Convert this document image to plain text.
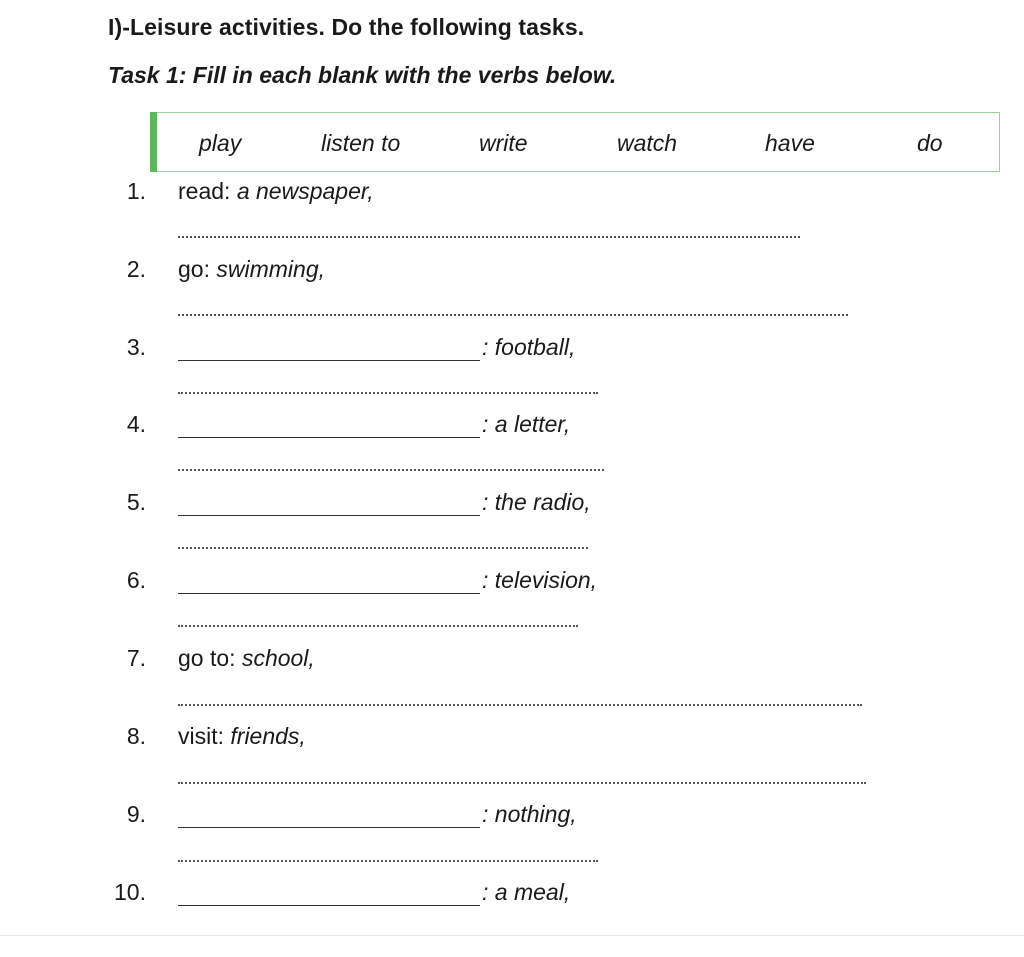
I)-Leisure activities. Do the following tasks.
Task 1: Fill in each blank with the verbs below.
play	listen to	write	watch	have	do
1. read: a newspaper,
2. go: swimming,
3.	: football,
4.	: a letter,
5.	: the radio,
6.	: television,
7. go to: school,
8. visit: friends,
9.	: nothing,
10.	: a meal,
